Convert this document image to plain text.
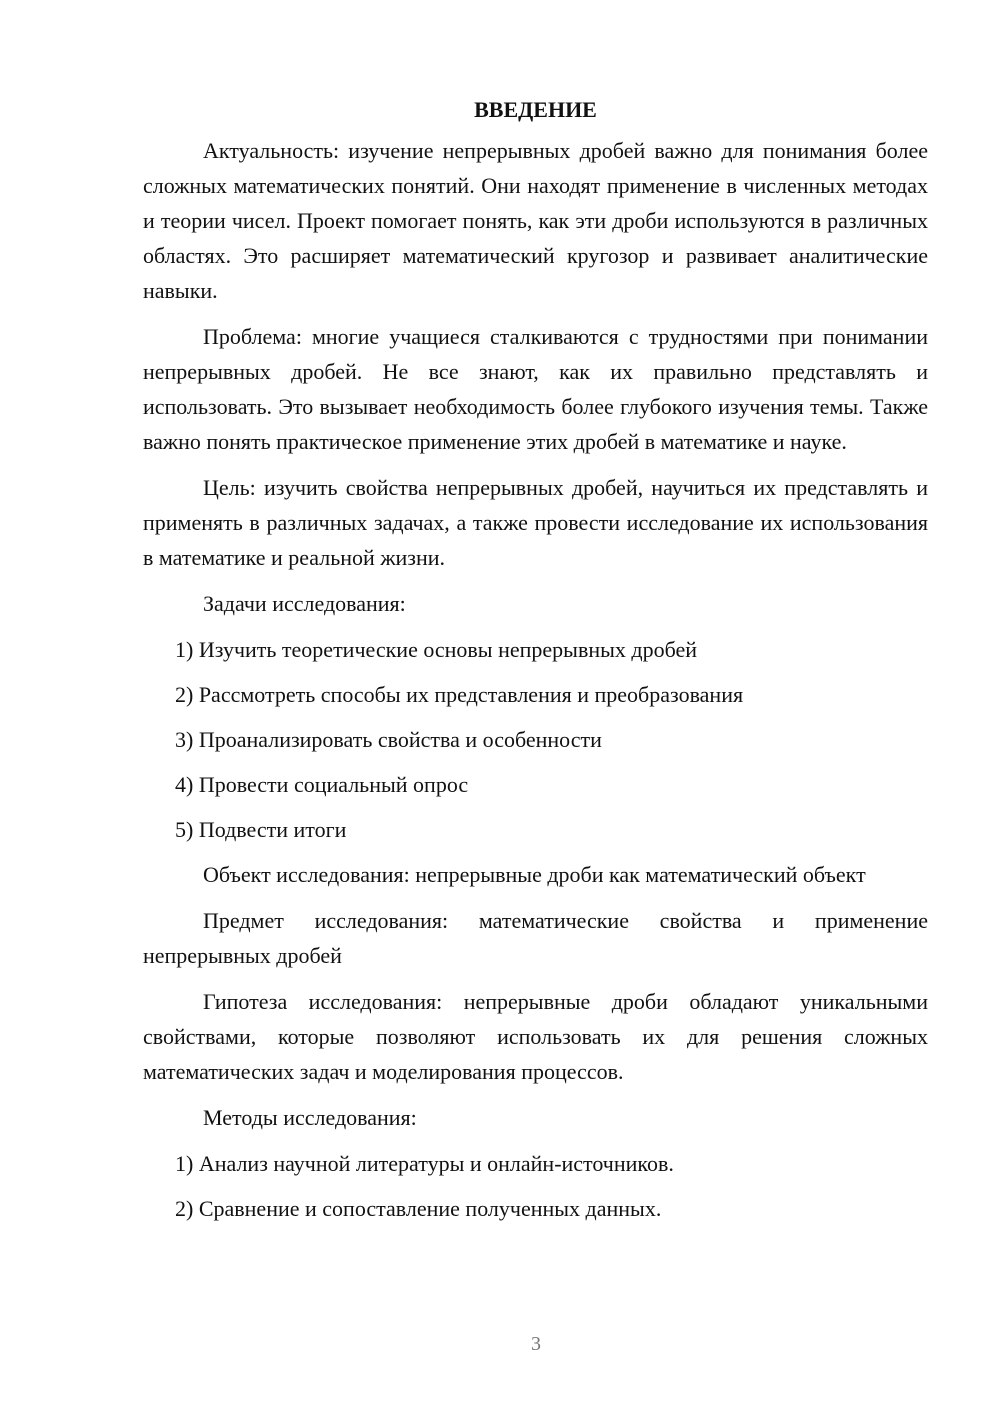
ВВЕДЕНИЕ

Актуальность: изучение непрерывных дробей важно для понимания более сложных математических понятий. Они находят применение в численных методах и теории чисел. Проект помогает понять, как эти дроби используются в различных областях. Это расширяет математический кругозор и развивает аналитические навыки.

Проблема: многие учащиеся сталкиваются с трудностями при понимании непрерывных дробей. Не все знают, как их правильно представлять и использовать. Это вызывает необходимость более глубокого изучения темы. Также важно понять практическое применение этих дробей в математике и науке.

Цель: изучить свойства непрерывных дробей, научиться их представлять и применять в различных задачах, а также провести исследование их использования в математике и реальной жизни.

Задачи исследования:

1) Изучить теоретические основы непрерывных дробей
2) Рассмотреть способы их представления и преобразования
3) Проанализировать свойства и особенности
4) Провести социальный опрос
5) Подвести итоги

Объект исследования: непрерывные дроби как математический объект

Предмет исследования: математические свойства и применение непрерывных дробей

Гипотеза исследования: непрерывные дроби обладают уникальными свойствами, которые позволяют использовать их для решения сложных математических задач и моделирования процессов.

Методы исследования:

1) Анализ научной литературы и онлайн-источников.
2) Сравнение и сопоставление полученных данных.
3
